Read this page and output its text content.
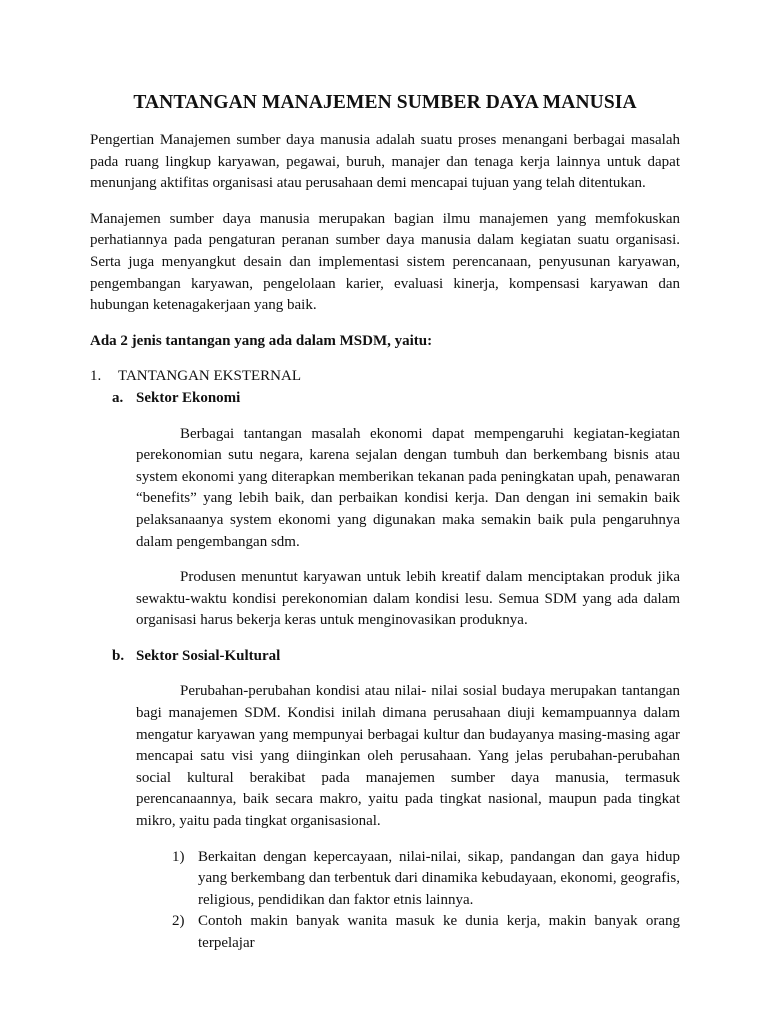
TANTANGAN MANAJEMEN SUMBER DAYA MANUSIA

Pengertian Manajemen sumber daya manusia adalah suatu proses menangani berbagai masalah pada ruang lingkup karyawan, pegawai, buruh, manajer dan tenaga kerja lainnya untuk dapat menunjang aktifitas organisasi atau perusahaan demi mencapai tujuan yang telah ditentukan.

Manajemen sumber daya manusia merupakan bagian ilmu manajemen yang memfokuskan perhatiannya pada pengaturan peranan sumber daya manusia dalam kegiatan suatu organisasi. Serta juga menyangkut desain dan implementasi sistem perencanaan, penyusunan karyawan, pengembangan karyawan, pengelolaan karier, evaluasi kinerja, kompensasi karyawan dan hubungan ketenagakerjaan yang baik.

Ada 2 jenis tantangan yang ada dalam MSDM, yaitu:

1.	TANTANGAN EKSTERNAL
a. Sektor Ekonomi

Berbagai tantangan masalah ekonomi dapat mempengaruhi kegiatan-kegiatan perekonomian sutu negara, karena sejalan dengan tumbuh dan berkembang bisnis atau system ekonomi yang diterapkan memberikan tekanan pada peningkatan upah, penawaran “benefits” yang lebih baik, dan perbaikan kondisi kerja. Dan dengan ini semakin baik pelaksanaanya system ekonomi yang digunakan maka semakin baik pula pengaruhnya dalam pengembangan sdm.

Produsen menuntut karyawan untuk lebih kreatif dalam menciptakan produk jika sewaktu-waktu kondisi perekonomian dalam kondisi lesu. Semua SDM yang ada dalam organisasi harus bekerja keras untuk menginovasikan produknya.

b. Sektor Sosial-Kultural

Perubahan-perubahan kondisi atau nilai- nilai sosial budaya merupakan tantangan bagi manajemen SDM. Kondisi inilah dimana perusahaan diuji kemampuannya dalam mengatur karyawan yang mempunyai berbagai kultur dan budayanya masing-masing agar mencapai satu visi yang diinginkan oleh perusahaan. Yang jelas perubahan-perubahan social kultural berakibat pada manajemen sumber daya manusia, termasuk perencanaannya, baik secara makro, yaitu pada tingkat nasional, maupun pada tingkat mikro, yaitu pada tingkat organisasional.

1) Berkaitan dengan kepercayaan, nilai-nilai, sikap, pandangan dan gaya hidup yang berkembang dan terbentuk dari dinamika kebudayaan, ekonomi, geografis, religious, pendidikan dan faktor etnis lainnya.
2) Contoh makin banyak wanita masuk ke dunia kerja, makin banyak orang terpelajar
